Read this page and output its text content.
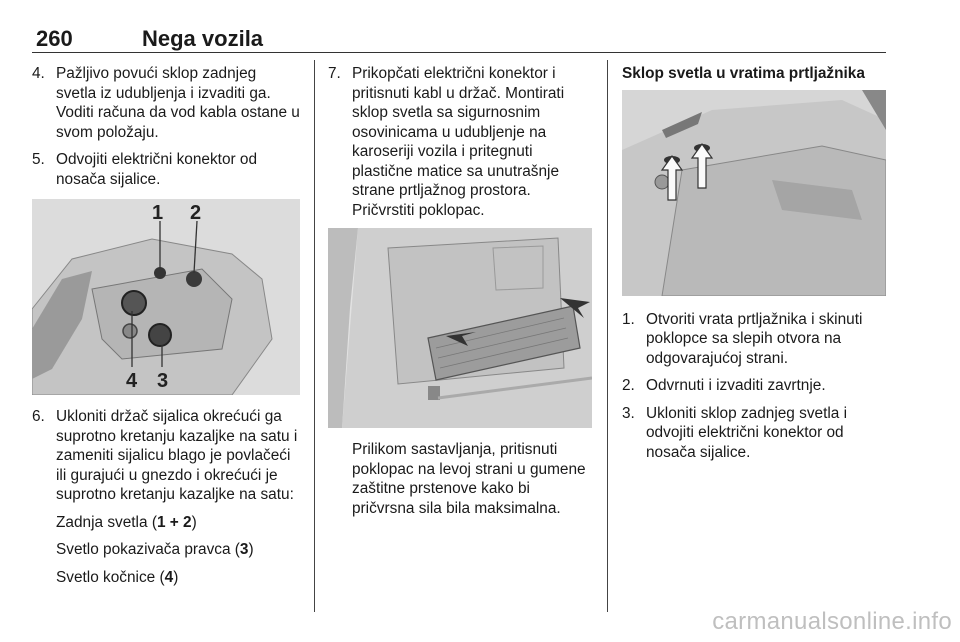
260	Nega vozila
4. Pažljivo povući sklop zadnjeg svetla iz udubljenja i izvaditi ga. Voditi računa da vod kabla ostane u svom položaju.
5. Odvojiti električni konektor od nosača sijalice.
1 2
3
4
6. Ukloniti držač sijalica okrećući ga suprotno kretanju kazaljke na satu i zameniti sijalicu blago je povlačeći ili gurajući u gnezdo i okrećući je suprotno kretanju kazaljke na satu:
Zadnja svetla (1 + 2)
Svetlo pokazivača pravca (3)
Svetlo kočnice (4)
7. Prikopčati električni konektor i pritisnuti kabl u držač. Montirati sklop svetla sa sigurnosnim osovinicama u udubljenje na karoseriji vozila i pritegnuti plastične matice sa unutrašnje strane prtljažnog prostora. Pričvrstiti poklopac.
Prilikom sastavljanja, pritisnuti poklopac na levoj strani u gumene zaštitne prstenove kako bi pričvrsna sila bila maksimalna.

Sklop svetla u vratima prtljažnika

1. Otvoriti vrata prtljažnika i skinuti poklopce sa slepih otvora na odgovarajućoj strani.
2. Odvrnuti i izvaditi zavrtnje.
3. Ukloniti sklop zadnjeg svetla i odvojiti električni konektor od nosača sijalice.
carmanualsonline.info
